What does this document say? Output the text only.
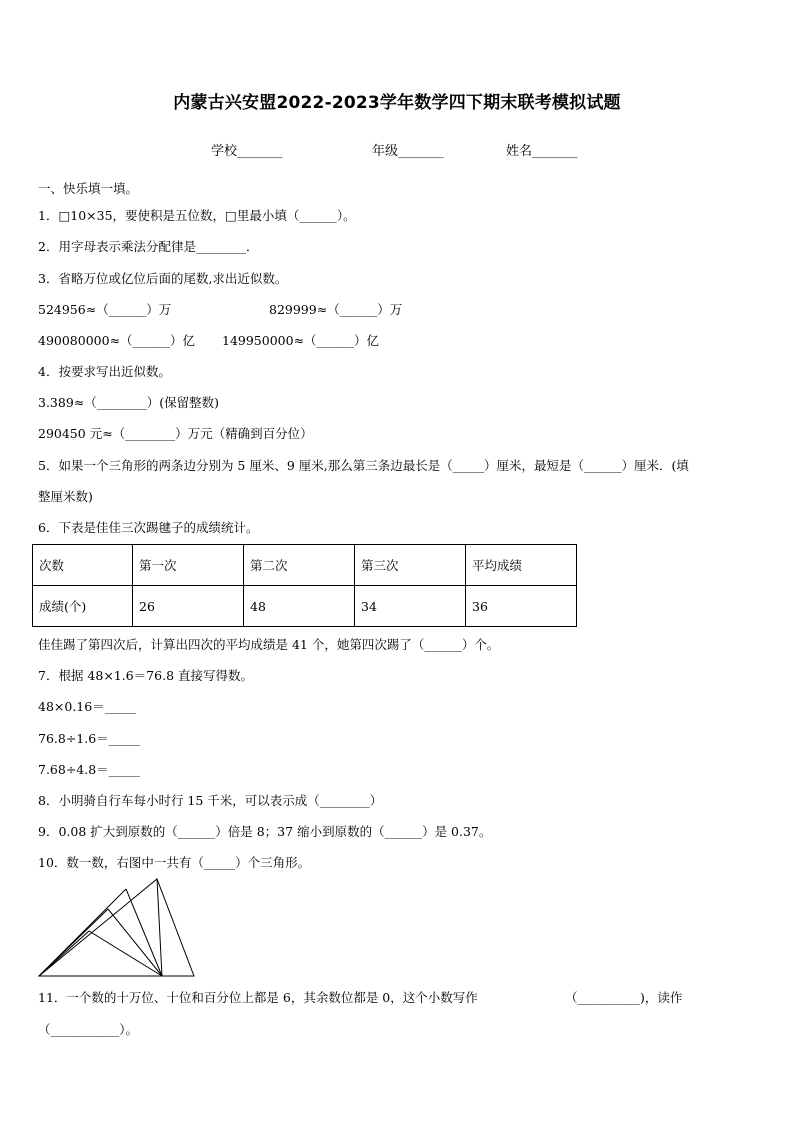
内蒙古兴安盟2022-2023学年数学四下期末联考模拟试题
学校_______	年级_______	姓名_______
一、快乐填一填。
1．□10×35，要使积是五位数，□里最小填（______）。
2．用字母表示乘法分配律是________．
3．省略万位或亿位后面的尾数,求出近似数。
524956≈（______）万	829999≈（______）万
490080000≈（______）亿 149950000≈（______）亿
4．按要求写出近似数。
3.389≈（________）(保留整数)
290450 元≈（________）万元（精确到百分位）
5．如果一个三角形的两条边分别为 5 厘米、9 厘米,那么第三条边最长是（_____）厘米，最短是（______）厘米．(填
整厘米数)
6．下表是佳佳三次踢毽子的成绩统计。
次数	第一次	第二次	第三次	平均成绩
成绩(个)	26	48	34	36
佳佳踢了第四次后，计算出四次的平均成绩是 41 个，她第四次踢了（______）个。
7．根据 48×1.6＝76.8 直接写得数。
48×0.16＝_____
76.8÷1.6＝_____
7.68÷4.8＝_____
8．小明骑自行车每小时行 15 千米，可以表示成（________）
9．0.08 扩大到原数的（______）倍是 8；37 缩小到原数的（______）是 0.37。
10．数一数，右图中一共有（_____）个三角形。
11．一个数的十万位、十位和百分位上都是 6，其余数位都是 0，这个小数写作	（__________)，读作
（___________）。
